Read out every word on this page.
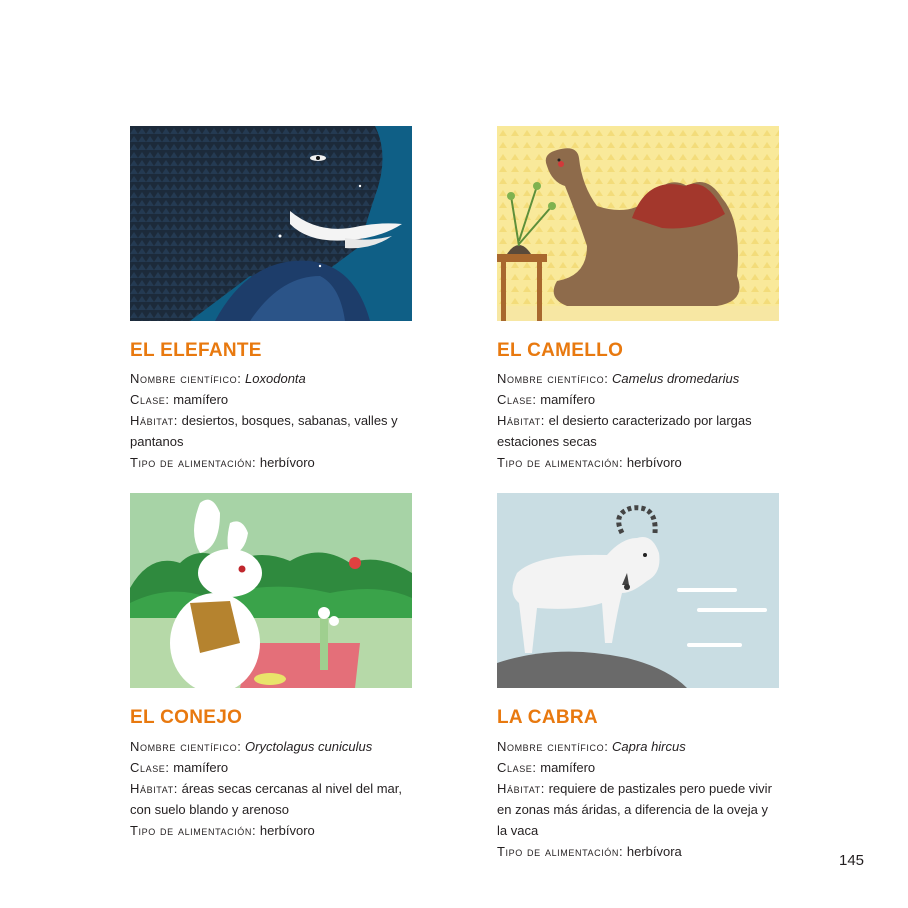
EL ELEFANTE

Nombre científico: Loxodonta

Clase: mamífero

Hábitat: desiertos, bosques, sabanas, valles y

pantanos

Tipo de alimentación: herbívoro

EL CAMELLO

Nombre científico: Camelus dromedarius

Clase: mamífero

Hábitat: el desierto caracterizado por largas

estaciones secas

Tipo de alimentación: herbívoro

EL CONEJO

Nombre científico: Oryctolagus cuniculus

Clase: mamífero

Hábitat: áreas secas cercanas al nivel del mar,

con suelo blando y arenoso

Tipo de alimentación: herbívoro

LA CABRA

Nombre científico: Capra hircus

Clase: mamífero

Hábitat: requiere de pastizales pero puede vivir

en zonas más áridas, a diferencia de la oveja y

la vaca

Tipo de alimentación: herbívora

145
